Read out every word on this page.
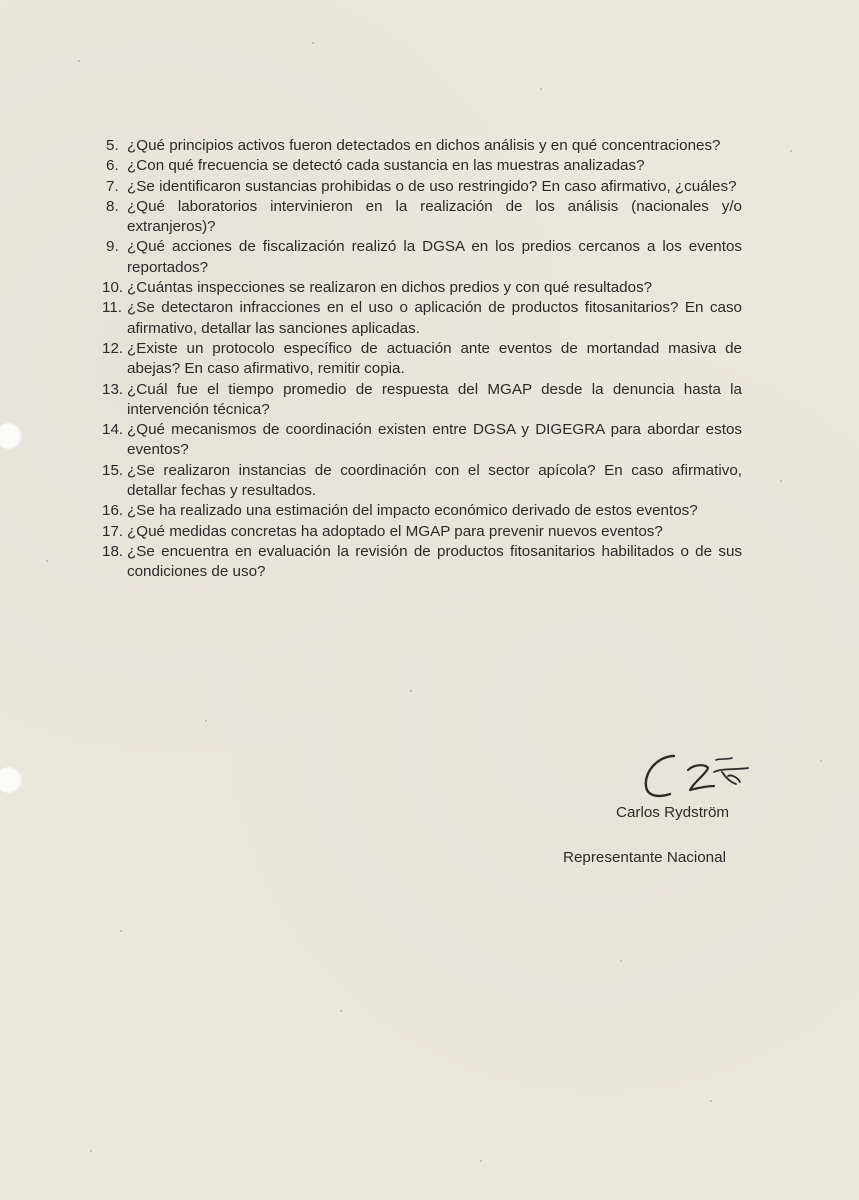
5. ¿Qué principios activos fueron detectados en dichos análisis y en qué concentraciones?
6. ¿Con qué frecuencia se detectó cada sustancia en las muestras analizadas?
7. ¿Se identificaron sustancias prohibidas o de uso restringido? En caso afirmativo, ¿cuáles?
8. ¿Qué laboratorios intervinieron en la realización de los análisis (nacionales y/o extranjeros)?
9. ¿Qué acciones de fiscalización realizó la DGSA en los predios cercanos a los eventos reportados?
10. ¿Cuántas inspecciones se realizaron en dichos predios y con qué resultados?
11. ¿Se detectaron infracciones en el uso o aplicación de productos fitosanitarios? En caso afirmativo, detallar las sanciones aplicadas.
12. ¿Existe un protocolo específico de actuación ante eventos de mortandad masiva de abejas? En caso afirmativo, remitir copia.
13. ¿Cuál fue el tiempo promedio de respuesta del MGAP desde la denuncia hasta la intervención técnica?
14. ¿Qué mecanismos de coordinación existen entre DGSA y DIGEGRA para abordar estos eventos?
15. ¿Se realizaron instancias de coordinación con el sector apícola? En caso afirmativo, detallar fechas y resultados.
16. ¿Se ha realizado una estimación del impacto económico derivado de estos eventos?
17. ¿Qué medidas concretas ha adoptado el MGAP para prevenir nuevos eventos?
18. ¿Se encuentra en evaluación la revisión de productos fitosanitarios habilitados o de sus condiciones de uso?
Carlos Rydström
Representante Nacional
